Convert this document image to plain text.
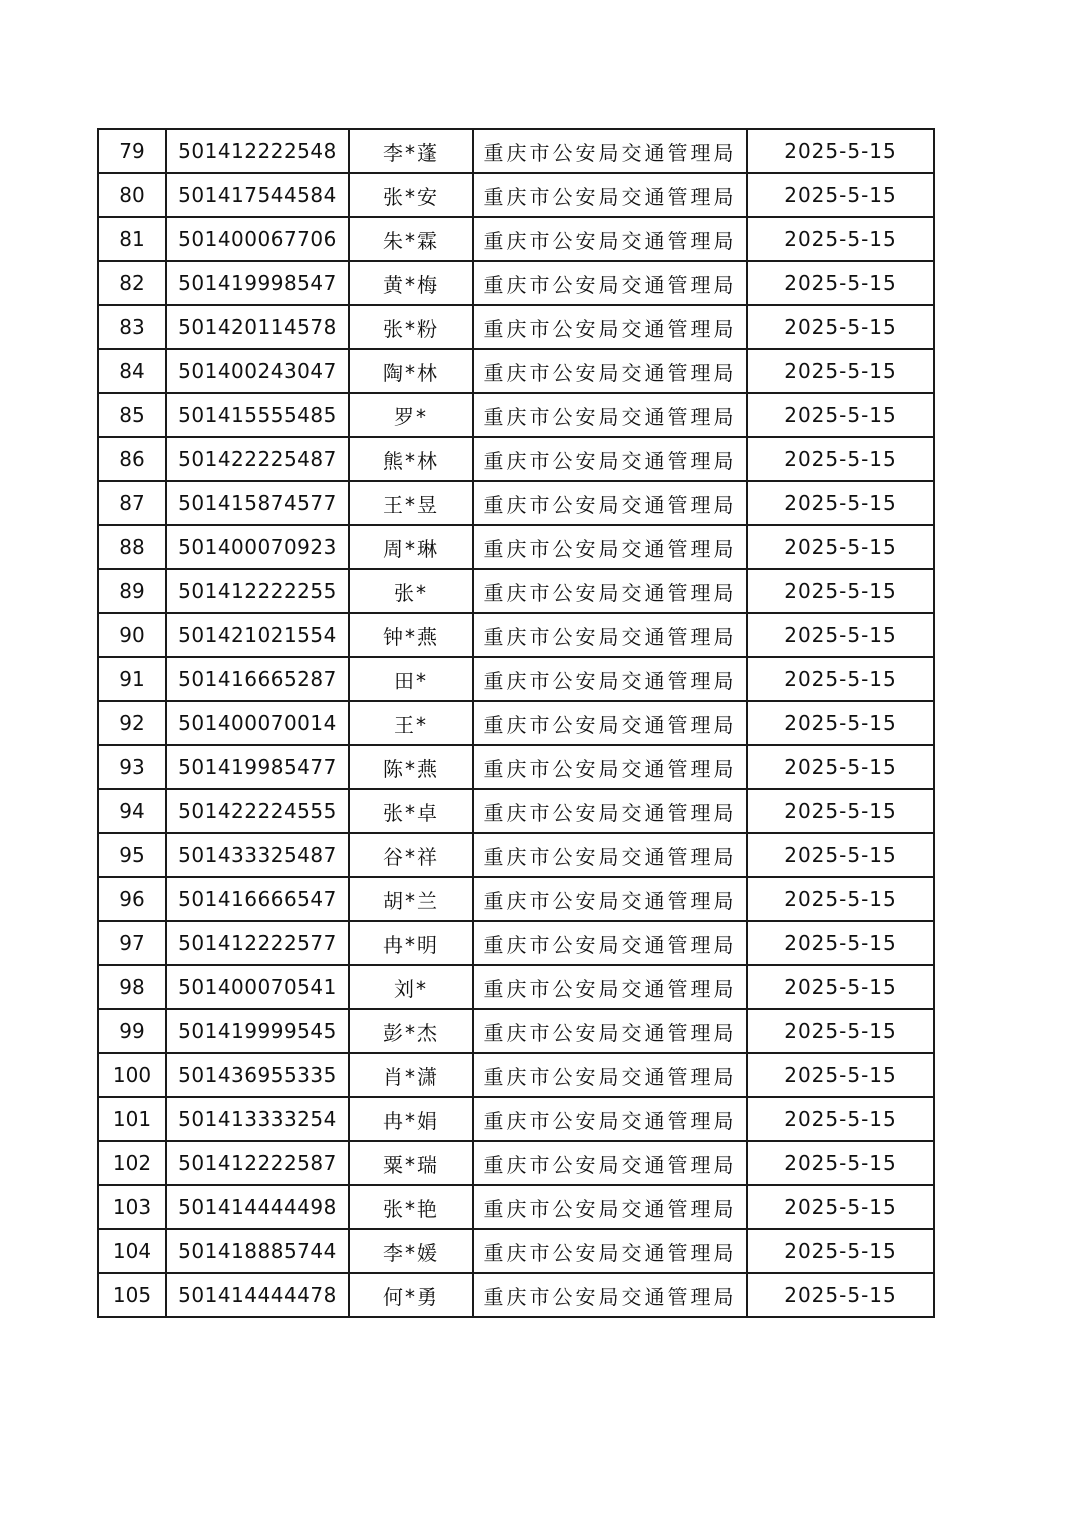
79	501412222548	李*蓬	重庆市公安局交通管理局	2025-5-15
80	501417544584	张*安	重庆市公安局交通管理局	2025-5-15
81	501400067706	朱*霖	重庆市公安局交通管理局	2025-5-15
82	501419998547	黄*梅	重庆市公安局交通管理局	2025-5-15
83	501420114578	张*粉	重庆市公安局交通管理局	2025-5-15
84	501400243047	陶*林	重庆市公安局交通管理局	2025-5-15
85	501415555485	罗*	重庆市公安局交通管理局	2025-5-15
86	501422225487	熊*林	重庆市公安局交通管理局	2025-5-15
87	501415874577	王*昱	重庆市公安局交通管理局	2025-5-15
88	501400070923	周*琳	重庆市公安局交通管理局	2025-5-15
89	501412222255	张*	重庆市公安局交通管理局	2025-5-15
90	501421021554	钟*燕	重庆市公安局交通管理局	2025-5-15
91	501416665287	田*	重庆市公安局交通管理局	2025-5-15
92	501400070014	王*	重庆市公安局交通管理局	2025-5-15
93	501419985477	陈*燕	重庆市公安局交通管理局	2025-5-15
94	501422224555	张*卓	重庆市公安局交通管理局	2025-5-15
95	501433325487	谷*祥	重庆市公安局交通管理局	2025-5-15
96	501416666547	胡*兰	重庆市公安局交通管理局	2025-5-15
97	501412222577	冉*明	重庆市公安局交通管理局	2025-5-15
98	501400070541	刘*	重庆市公安局交通管理局	2025-5-15
99	501419999545	彭*杰	重庆市公安局交通管理局	2025-5-15
100	501436955335	肖*潇	重庆市公安局交通管理局	2025-5-15
101	501413333254	冉*娟	重庆市公安局交通管理局	2025-5-15
102	501412222587	粟*瑞	重庆市公安局交通管理局	2025-5-15
103	501414444498	张*艳	重庆市公安局交通管理局	2025-5-15
104	501418885744	李*媛	重庆市公安局交通管理局	2025-5-15
105	501414444478	何*勇	重庆市公安局交通管理局	2025-5-15
